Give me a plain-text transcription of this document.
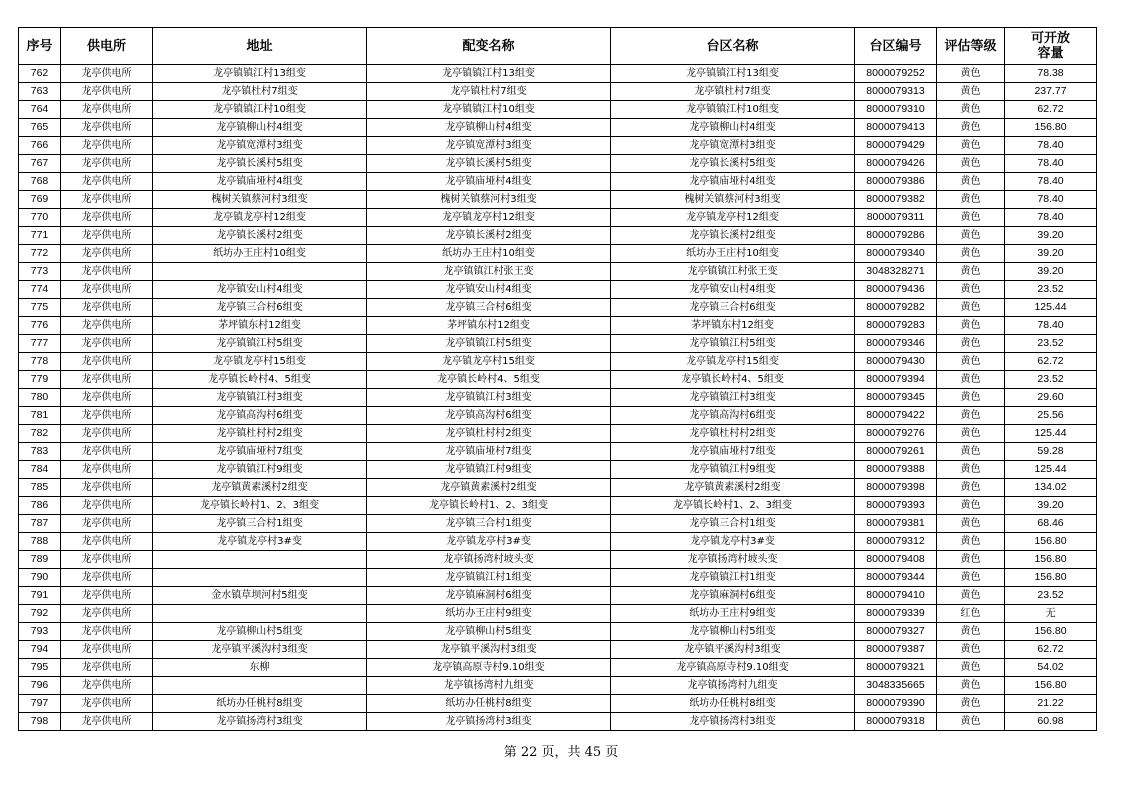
序号	供电所	地址	配变名称	台区名称	台区编号	评估等级	可开放容量
762	龙亭供电所	龙亭镇镇江村13组变	龙亭镇镇江村13组变	龙亭镇镇江村13组变	8000079252	黄色	78.38
763	龙亭供电所	龙亭镇杜村7组变	龙亭镇杜村7组变	龙亭镇杜村7组变	8000079313	黄色	237.77
764	龙亭供电所	龙亭镇镇江村10组变	龙亭镇镇江村10组变	龙亭镇镇江村10组变	8000079310	黄色	62.72
765	龙亭供电所	龙亭镇柳山村4组变	龙亭镇柳山村4组变	龙亭镇柳山村4组变	8000079413	黄色	156.80
766	龙亭供电所	龙亭镇宽潭村3组变	龙亭镇宽潭村3组变	龙亭镇宽潭村3组变	8000079429	黄色	78.40
767	龙亭供电所	龙亭镇长溪村5组变	龙亭镇长溪村5组变	龙亭镇长溪村5组变	8000079426	黄色	78.40
768	龙亭供电所	龙亭镇庙垭村4组变	龙亭镇庙垭村4组变	龙亭镇庙垭村4组变	8000079386	黄色	78.40
769	龙亭供电所	槐树关镇蔡河村3组变	槐树关镇蔡河村3组变	槐树关镇蔡河村3组变	8000079382	黄色	78.40
770	龙亭供电所	龙亭镇龙亭村12组变	龙亭镇龙亭村12组变	龙亭镇龙亭村12组变	8000079311	黄色	78.40
771	龙亭供电所	龙亭镇长溪村2组变	龙亭镇长溪村2组变	龙亭镇长溪村2组变	8000079286	黄色	39.20
772	龙亭供电所	纸坊办王庄村10组变	纸坊办王庄村10组变	纸坊办王庄村10组变	8000079340	黄色	39.20
773	龙亭供电所		龙亭镇镇江村张王变	龙亭镇镇江村张王变	3048328271	黄色	39.20
774	龙亭供电所	龙亭镇安山村4组变	龙亭镇安山村4组变	龙亭镇安山村4组变	8000079436	黄色	23.52
775	龙亭供电所	龙亭镇三合村6组变	龙亭镇三合村6组变	龙亭镇三合村6组变	8000079282	黄色	125.44
776	龙亭供电所	茅坪镇东村12组变	茅坪镇东村12组变	茅坪镇东村12组变	8000079283	黄色	78.40
777	龙亭供电所	龙亭镇镇江村5组变	龙亭镇镇江村5组变	龙亭镇镇江村5组变	8000079346	黄色	23.52
778	龙亭供电所	龙亭镇龙亭村15组变	龙亭镇龙亭村15组变	龙亭镇龙亭村15组变	8000079430	黄色	62.72
779	龙亭供电所	龙亭镇长岭村4、5组变	龙亭镇长岭村4、5组变	龙亭镇长岭村4、5组变	8000079394	黄色	23.52
780	龙亭供电所	龙亭镇镇江村3组变	龙亭镇镇江村3组变	龙亭镇镇江村3组变	8000079345	黄色	29.60
781	龙亭供电所	龙亭镇高沟村6组变	龙亭镇高沟村6组变	龙亭镇高沟村6组变	8000079422	黄色	25.56
782	龙亭供电所	龙亭镇杜村村2组变	龙亭镇杜村村2组变	龙亭镇杜村村2组变	8000079276	黄色	125.44
783	龙亭供电所	龙亭镇庙垭村7组变	龙亭镇庙垭村7组变	龙亭镇庙垭村7组变	8000079261	黄色	59.28
784	龙亭供电所	龙亭镇镇江村9组变	龙亭镇镇江村9组变	龙亭镇镇江村9组变	8000079388	黄色	125.44
785	龙亭供电所	龙亭镇黄素溪村2组变	龙亭镇黄素溪村2组变	龙亭镇黄素溪村2组变	8000079398	黄色	134.02
786	龙亭供电所	龙亭镇长岭村1、2、3组变	龙亭镇长岭村1、2、3组变	龙亭镇长岭村1、2、3组变	8000079393	黄色	39.20
787	龙亭供电所	龙亭镇三合村1组变	龙亭镇三合村1组变	龙亭镇三合村1组变	8000079381	黄色	68.46
788	龙亭供电所	龙亭镇龙亭村3#变	龙亭镇龙亭村3#变	龙亭镇龙亭村3#变	8000079312	黄色	156.80
789	龙亭供电所		龙亭镇扬湾村坡头变	龙亭镇扬湾村坡头变	8000079408	黄色	156.80
790	龙亭供电所		龙亭镇镇江村1组变	龙亭镇镇江村1组变	8000079344	黄色	156.80
791	龙亭供电所	金水镇草坝河村5组变	龙亭镇麻洞村6组变	龙亭镇麻洞村6组变	8000079410	黄色	23.52
792	龙亭供电所		纸坊办王庄村9组变	纸坊办王庄村9组变	8000079339	红色	无
793	龙亭供电所	龙亭镇柳山村5组变	龙亭镇柳山村5组变	龙亭镇柳山村5组变	8000079327	黄色	156.80
794	龙亭供电所	龙亭镇平溪沟村3组变	龙亭镇平溪沟村3组变	龙亭镇平溪沟村3组变	8000079387	黄色	62.72
795	龙亭供电所	东柳	龙亭镇高原寺村9.10组变	龙亭镇高原寺村9.10组变	8000079321	黄色	54.02
796	龙亭供电所		龙亭镇扬湾村九组变	龙亭镇扬湾村九组变	3048335665	黄色	156.80
797	龙亭供电所	纸坊办任桃村8组变	纸坊办任桃村8组变	纸坊办任桃村8组变	8000079390	黄色	21.22
798	龙亭供电所	龙亭镇扬湾村3组变	龙亭镇扬湾村3组变	龙亭镇扬湾村3组变	8000079318	黄色	60.98
第 22 页，共 45 页
